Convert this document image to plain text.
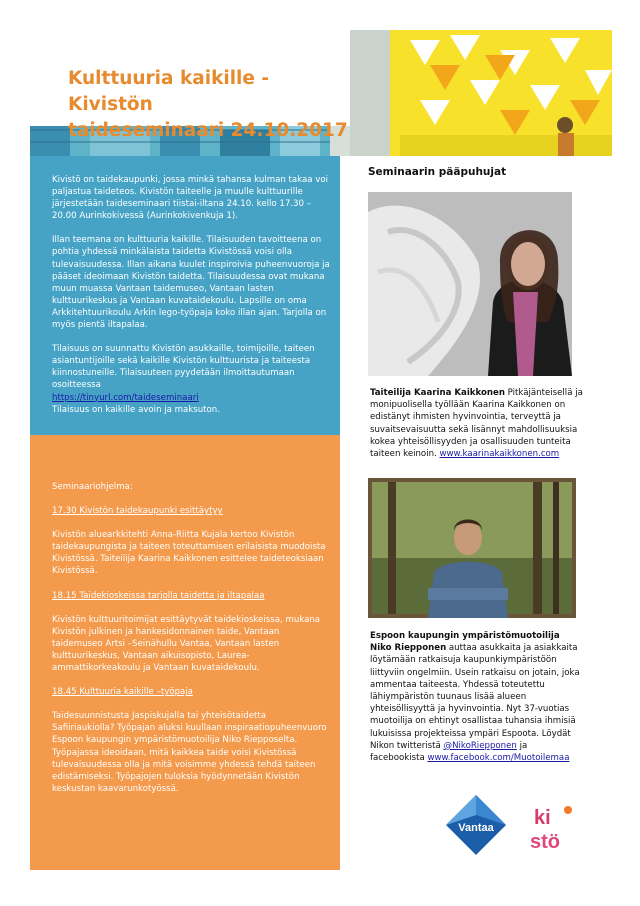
Kulttuuria kaikille - Kivistön
taideseminaari 24.10.2017

Kivistö on taidekaupunki, jossa minkä tahansa kulman takaa voi paljastua taideteos. Kivistön taiteelle ja muulle kulttuurille järjestetään taideseminaari tiistai-iltana 24.10. kello 17.30 – 20.00 Aurinkokivessä (Aurinkokivenkuja 1).

Illan teemana on kulttuuria kaikille. Tilaisuuden tavoitteena on pohtia yhdessä minkälaista taidetta Kivistössä voisi olla tulevaisuudessa. Illan aikana kuulet inspiroivia puheenvuoroja ja pääset ideoimaan Kivistön taidetta. Tilaisuudessa ovat mukana muun muassa Vantaan taidemuseo, Vantaan lasten kulttuurikeskus ja Vantaan kuvataidekoulu. Lapsille on oma Arkkitehtuurikoulu Arkin lego-työpaja koko illan ajan. Tarjolla on myös pientä iltapalaa.

Tilaisuus on suunnattu Kivistön asukkaille, toimijoille, taiteen asiantuntijoille sekä kaikille Kivistön kulttuurista ja taiteesta kiinnostuneille. Tilaisuuteen pyydetään ilmoittautumaan osoitteessa
https://tinyurl.com/taideseminaari
Tilaisuus on kaikille avoin ja maksuton.

Seminaariohjelma:

17.30 Kivistön taidekaupunki esittäytyy

Kivistön aluearkkitehti Anna-Riitta Kujala kertoo Kivistön taidekaupungista ja taiteen toteuttamisen erilaisista muodoista Kivistössä. Taiteilija Kaarina Kaikkonen esittelee taideteoksiaan Kivistössä.

18.15 Taidekioskeissa tarjolla taidetta ja iltapalaa

Kivistön kulttuuritoimijat esittäytyvät taidekioskeissa, mukana Kivistön julkinen ja hankesidonnainen taide, Vantaan taidemuseo Artsi –Seinähullu Vantaa, Vantaan lasten kulttuurikeskus, Vantaan aikuisopisto, Laurea-ammattikorkeakoulu ja Vantaan kuvataidekoulu.

18.45 Kulttuuria kaikille –työpaja

Taidesuunnistusta Jaspiskujalla tai yhteisötaidetta Safiiriaukiolla? Työpajan aluksi kuullaan inspiraatiopuheenvuoro Espoon kaupungin ympäristömuotoilija Niko Riepposelta. Työpajassa ideoidaan, mitä kaikkea taide voisi Kivistössä tulevaisuudessa olla ja mitä voisimme yhdessä tehdä taiteen edistämiseksi. Työpajojen tuloksia hyödynnetään Kivistön keskustan kaavarunkotyössä.

Seminaarin pääpuhujat
Taiteilija Kaarina Kaikkonen Pitkäjänteisellä ja monipuolisella työllään Kaarina Kaikkonen on edistänyt ihmisten hyvinvointia, terveyttä ja suvaitsevaisuutta sekä lisännyt mahdollisuuksia kokea yhteisöllisyyden ja osallisuuden tunteita taiteen keinoin. www.kaarinakaikkonen.com
Espoon kaupungin ympäristömuotoilija Niko Riepponen auttaa asukkaita ja asiakkaita löytämään ratkaisuja kaupunkiympäristöön liittyviin ongelmiin. Usein ratkaisu on jotain, joka ammentaa taiteesta. Yhdessä toteutettu lähiympäristön tuunaus lisää alueen yhteisöllisyyttä ja hyvinvointia. Nyt 37-vuotias muotoilija on ehtinyt osallistaa tuhansia ihmisiä lukuisissa projekteissa ympäri Espoota. Löydät Nikon twitteristä @NikoRiepponen ja facebookista www.facebook.com/Muotoilemaa
Vantaa ki
stö
